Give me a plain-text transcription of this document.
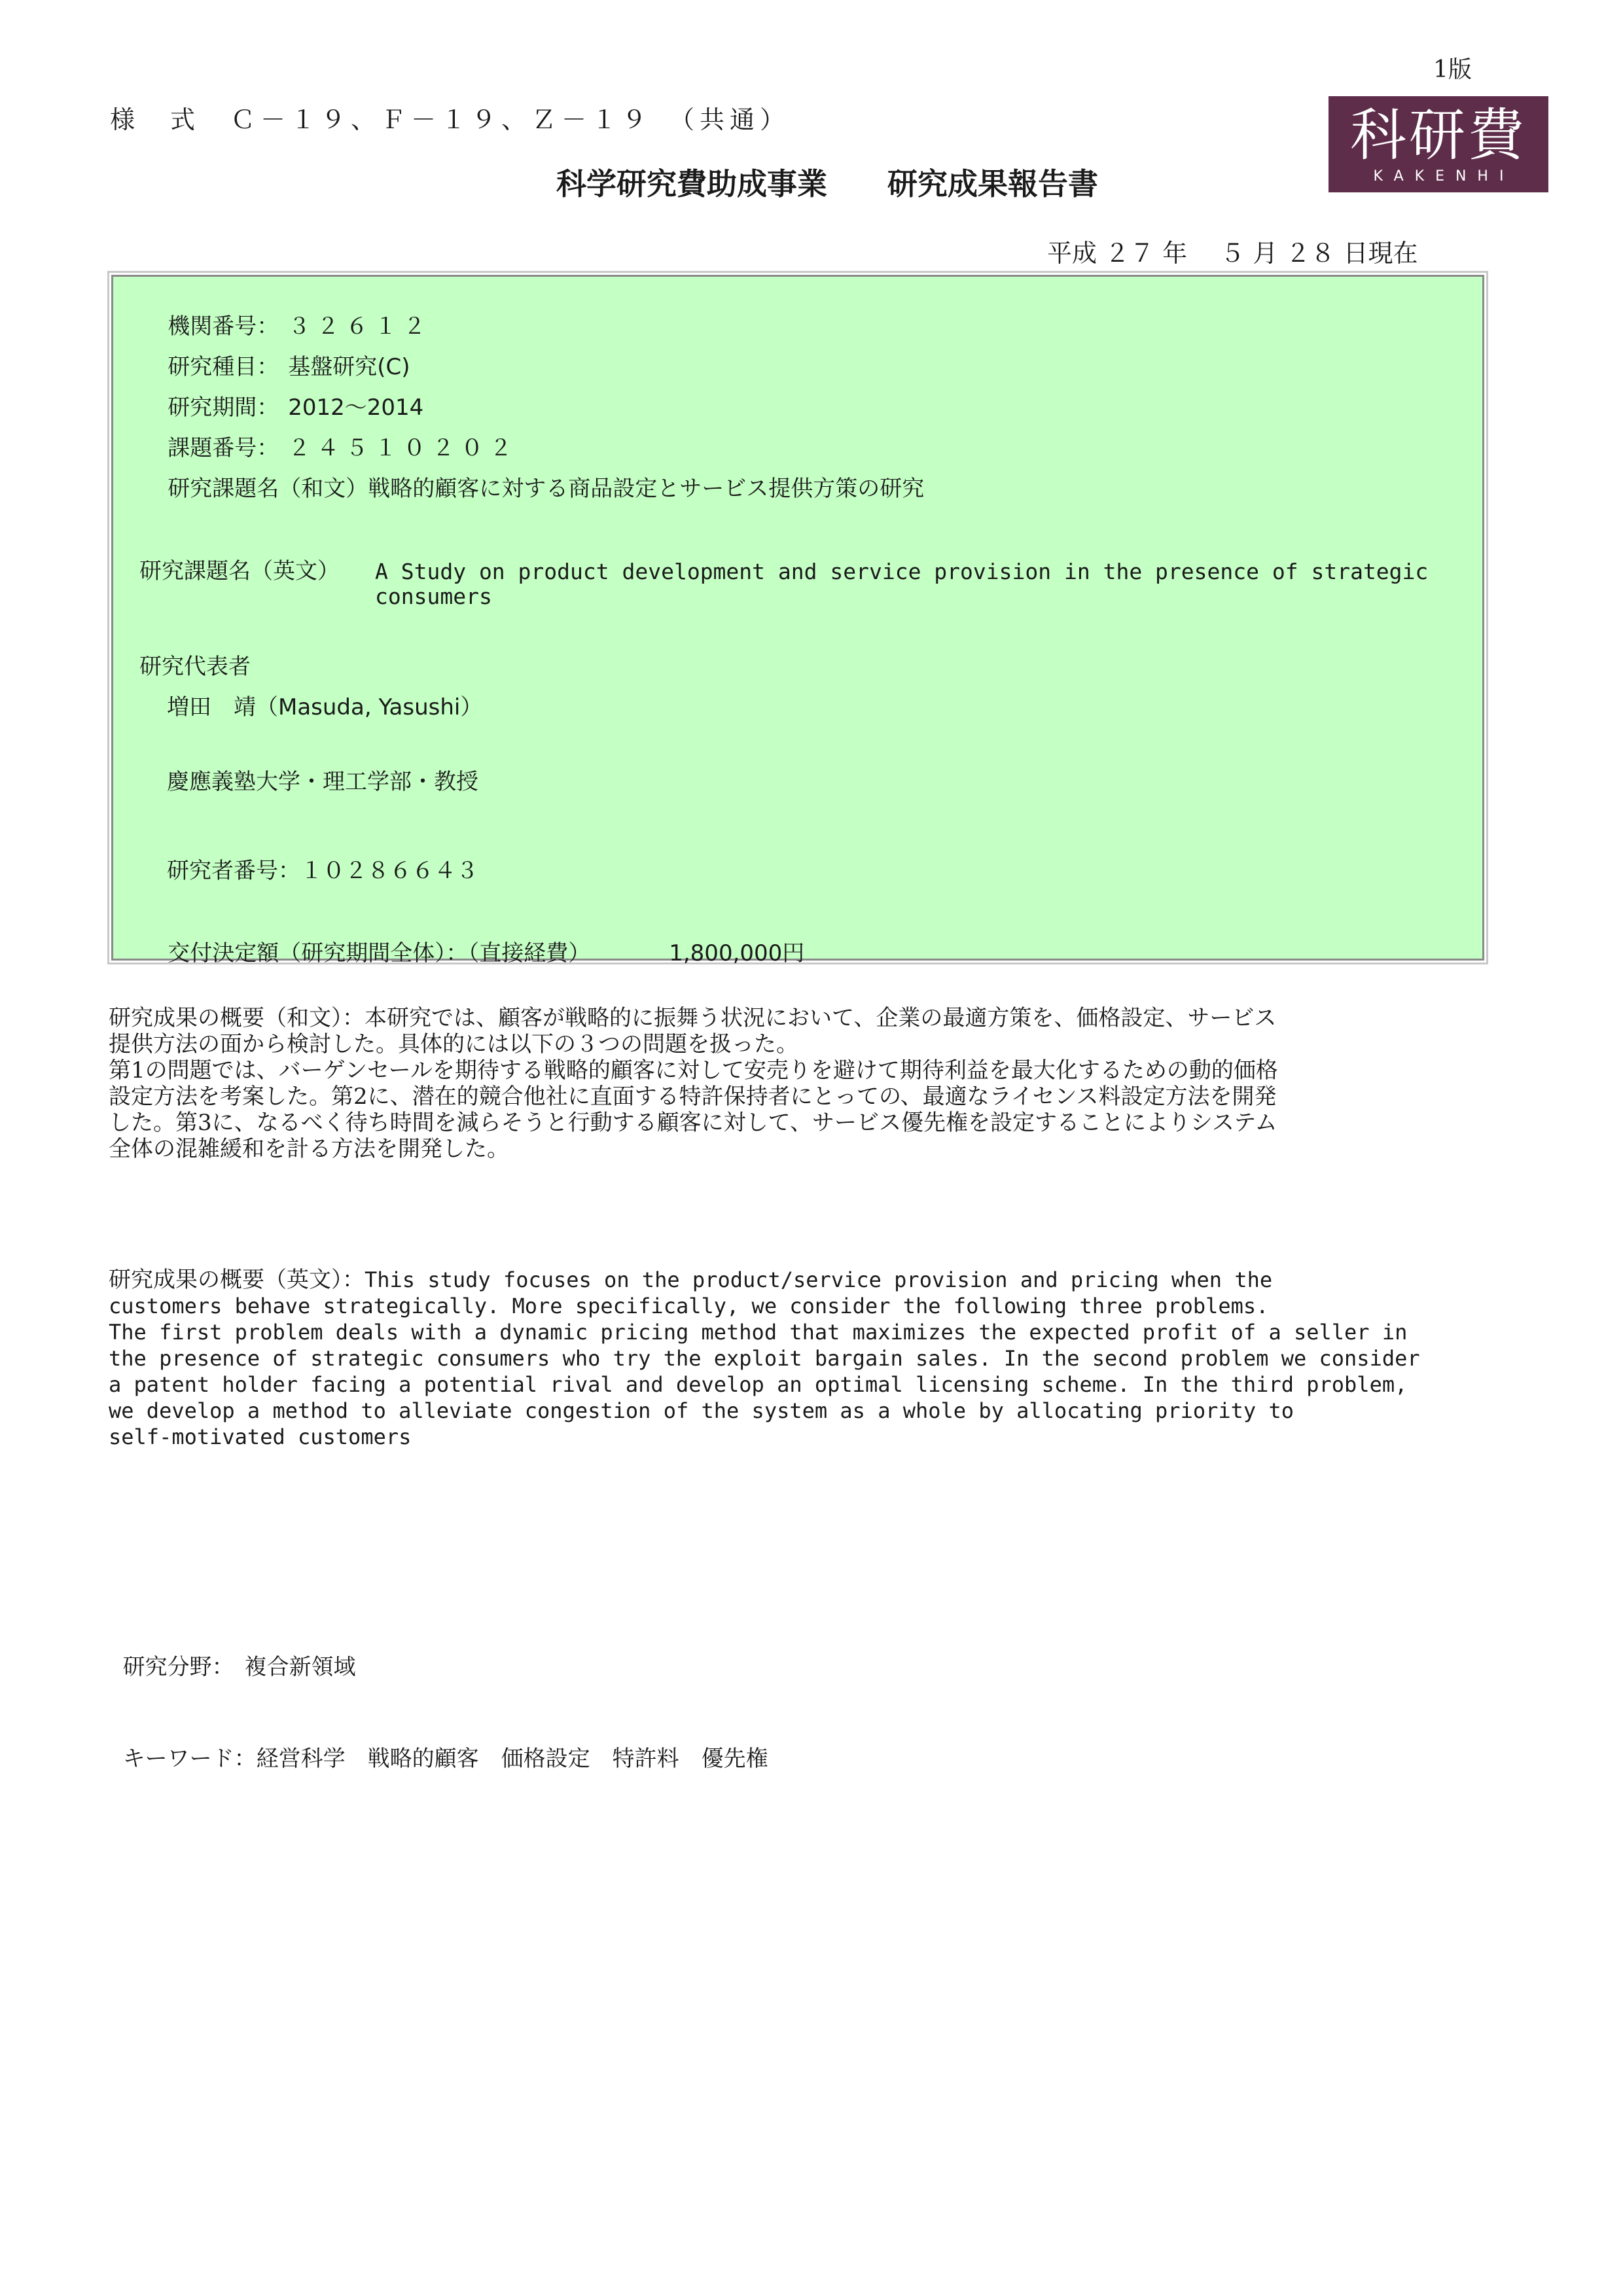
1版
様　式　Ｃ－１９、Ｆ－１９、Ｚ－１９　（共通）	科研費
KAKENHI
科学研究費助成事業　　研究成果報告書
平成 ２７ 年　 ５ 月 ２８ 日現在

機関番号： ３２６１２

研究種目： 基盤研究(C)

研究期間： 2012～2014

課題番号： ２４５１０２０２

研究課題名（和文）戦略的顧客に対する商品設定とサービス提供方策の研究

研究課題名（英文） A Study on product development and service provision in the presence of strategic
consumers
研究代表者
増田　靖（Masuda, Yasushi）
慶應義塾大学・理工学部・教授
研究者番号：１０２８６６４３

交付決定額（研究期間全体）：（直接経費）	1,800,000円

研究成果の概要（和文）：本研究では、顧客が戦略的に振舞う状況において、企業の最適方策を、価格設定、サービス
提供方法の面から検討した。具体的には以下の３つの問題を扱った。
第1の問題では、バーゲンセールを期待する戦略的顧客に対して安売りを避けて期待利益を最大化するための動的価格
設定方法を考案した。第2に、潜在的競合他社に直面する特許保持者にとっての、最適なライセンス料設定方法を開発
した。第3に、なるべく待ち時間を減らそうと行動する顧客に対して、サービス優先権を設定することによりシステム
全体の混雑緩和を計る方法を開発した。
研究成果の概要（英文）：This study focuses on the product/service provision and pricing when the
customers behave strategically. More specifically, we consider the following three problems.
The first problem deals with a dynamic pricing method that maximizes the expected profit of a seller in
the presence of strategic consumers who try the exploit bargain sales. In the second problem we consider
a patent holder facing a potential rival and develop an optimal licensing scheme. In the third problem,
we develop a method to alleviate congestion of the system as a whole by allocating priority to
self-motivated customers

研究分野： 複合新領域

キーワード：経営科学　戦略的顧客　価格設定　特許料　優先権
